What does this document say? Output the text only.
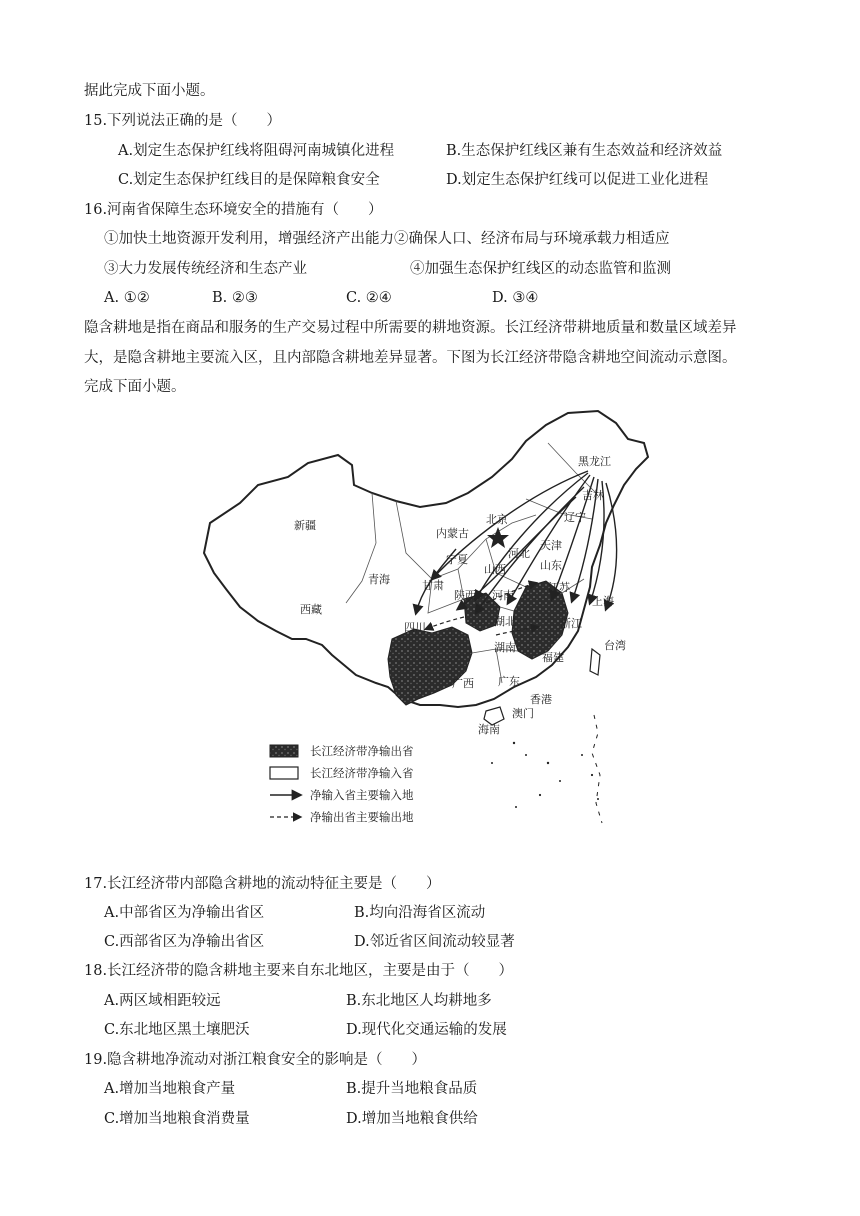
据此完成下面小题。
15.下列说法正确的是（　　）
A.划定生态保护红线将阻碍河南城镇化进程	B.生态保护红线区兼有生态效益和经济效益
C.划定生态保护红线目的是保障粮食安全	D.划定生态保护红线可以促进工业化进程
16.河南省保障生态环境安全的措施有（　　）
①加快土地资源开发利用，增强经济产出能力②确保人口、经济布局与环境承载力相适应
③大力发展传统经济和生态产业	④加强生态保护红线区的动态监管和监测
A. ①②	B. ②③	C. ②④	D. ③④
隐含耕地是指在商品和服务的生产交易过程中所需要的耕地资源。长江经济带耕地质量和数量区域差异
大，是隐含耕地主要流入区，且内部隐含耕地差异显著。下图为长江经济带隐含耕地空间流动示意图。
完成下面小题。
新疆
西藏
青海
内蒙古
甘肃
宁夏
陕西
山西
北京
天津
河北
山东
河南
湖北
湖南
四川
黑龙江
吉林
辽宁
江苏
上海
浙江
福建
台湾
广东
广西
香港
澳门
海南
长江经济带净输出省
长江经济带净输入省
净输入省主要输入地
净输出省主要输出地
17.长江经济带内部隐含耕地的流动特征主要是（　　）
A.中部省区为净输出省区	B.均向沿海省区流动
C.西部省区为净输出省区	D.邻近省区间流动较显著
18.长江经济带的隐含耕地主要来自东北地区，主要是由于（　　）
A.两区域相距较远	B.东北地区人均耕地多
C.东北地区黑土壤肥沃	D.现代化交通运输的发展
19.隐含耕地净流动对浙江粮食安全的影响是（　　）
A.增加当地粮食产量	B.提升当地粮食品质
C.增加当地粮食消费量	D.增加当地粮食供给
